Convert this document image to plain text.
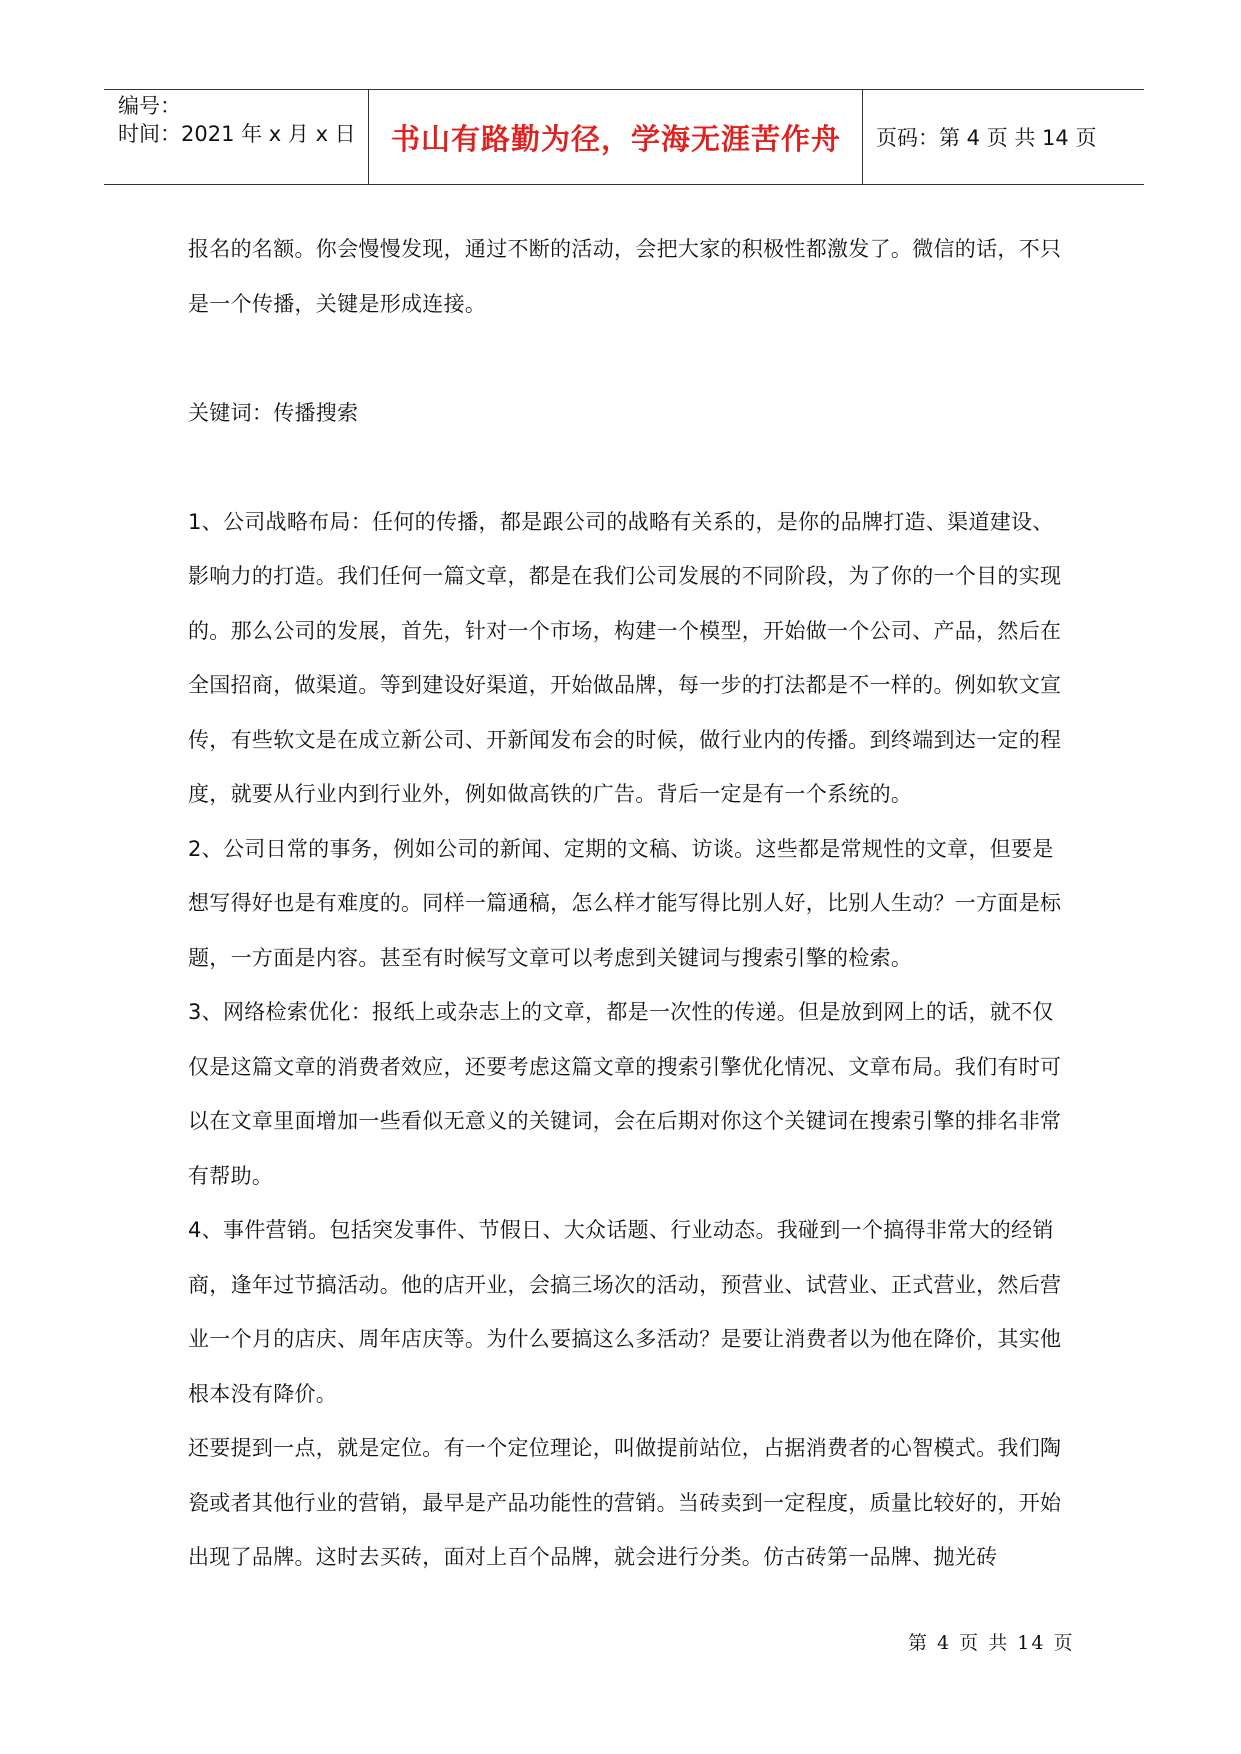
编号：
时间：2021 年 x 月 x 日	书山有路勤为径，学海无涯苦作舟	页码：第 4 页 共 14 页

报名的名额。你会慢慢发现，通过不断的活动，会把大家的积极性都激发了。微信的话，不只是一个传播，关键是形成连接。

关键词：传播搜索

1、公司战略布局：任何的传播，都是跟公司的战略有关系的，是你的品牌打造、渠道建设、影响力的打造。我们任何一篇文章，都是在我们公司发展的不同阶段，为了你的一个目的实现的。那么公司的发展，首先，针对一个市场，构建一个模型，开始做一个公司、产品，然后在全国招商，做渠道。等到建设好渠道，开始做品牌，每一步的打法都是不一样的。例如软文宣传，有些软文是在成立新公司、开新闻发布会的时候，做行业内的传播。到终端到达一定的程度，就要从行业内到行业外，例如做高铁的广告。背后一定是有一个系统的。

2、公司日常的事务，例如公司的新闻、定期的文稿、访谈。这些都是常规性的文章，但要是想写得好也是有难度的。同样一篇通稿，怎么样才能写得比别人好，比别人生动？一方面是标题，一方面是内容。甚至有时候写文章可以考虑到关键词与搜索引擎的检索。

3、网络检索优化：报纸上或杂志上的文章，都是一次性的传递。但是放到网上的话，就不仅仅是这篇文章的消费者效应，还要考虑这篇文章的搜索引擎优化情况、文章布局。我们有时可以在文章里面增加一些看似无意义的关键词，会在后期对你这个关键词在搜索引擎的排名非常有帮助。

4、事件营销。包括突发事件、节假日、大众话题、行业动态。我碰到一个搞得非常大的经销商，逢年过节搞活动。他的店开业，会搞三场次的活动，预营业、试营业、正式营业，然后营业一个月的店庆、周年店庆等。为什么要搞这么多活动？是要让消费者以为他在降价，其实他根本没有降价。

还要提到一点，就是定位。有一个定位理论，叫做提前站位，占据消费者的心智模式。我们陶瓷或者其他行业的营销，最早是产品功能性的营销。当砖卖到一定程度，质量比较好的，开始出现了品牌。这时去买砖，面对上百个品牌，就会进行分类。仿古砖第一品牌、抛光砖

第 4 页 共 14 页
